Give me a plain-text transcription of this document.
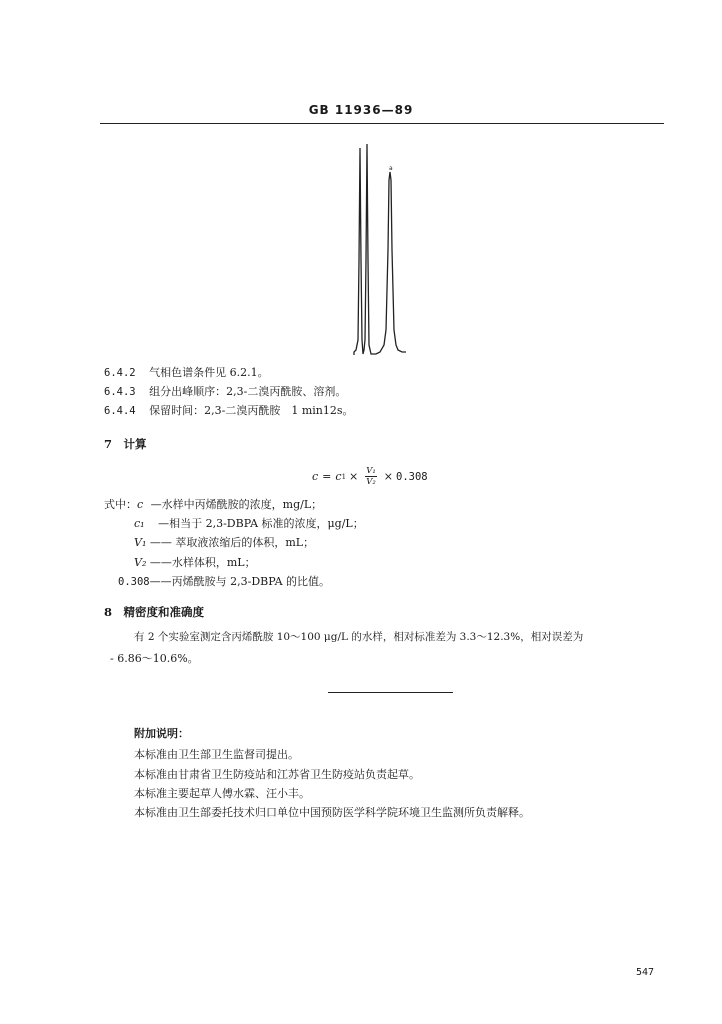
GB 11936—89
a
6.4.2 气相色谱条件见 6.2.1。
6.4.3 组分出峰顺序：2,3-二溴丙酰胺、溶剂。
6.4.4 保留时间：2,3-二溴丙酰胺　1 min12s。
7　计算
c = c $1 \times \frac{\text{V₁}}{\text{V₂}} \times 0.308$
式中：c —水样中丙烯酰胺的浓度，mg/L；
c₁ —相当于 2,3-DBPA 标准的浓度，μg/L；
V₁ —— 萃取液浓缩后的体积，mL；
V₂ ——水样体积，mL；
0.308——丙烯酰胺与 2,3-DBPA 的比值。
8　精密度和准确度
有 2 个实验室测定含丙烯酰胺 10～100 μg/L 的水样，相对标准差为 3.3～12.3%，相对误差为
- 6.86～10.6%。
附加说明：
本标准由卫生部卫生监督司提出。
本标准由甘肃省卫生防疫站和江苏省卫生防疫站负责起草。
本标准主要起草人傅水霖、汪小丰。
本标准由卫生部委托技术归口单位中国预防医学科学院环境卫生监测所负责解释。
547
